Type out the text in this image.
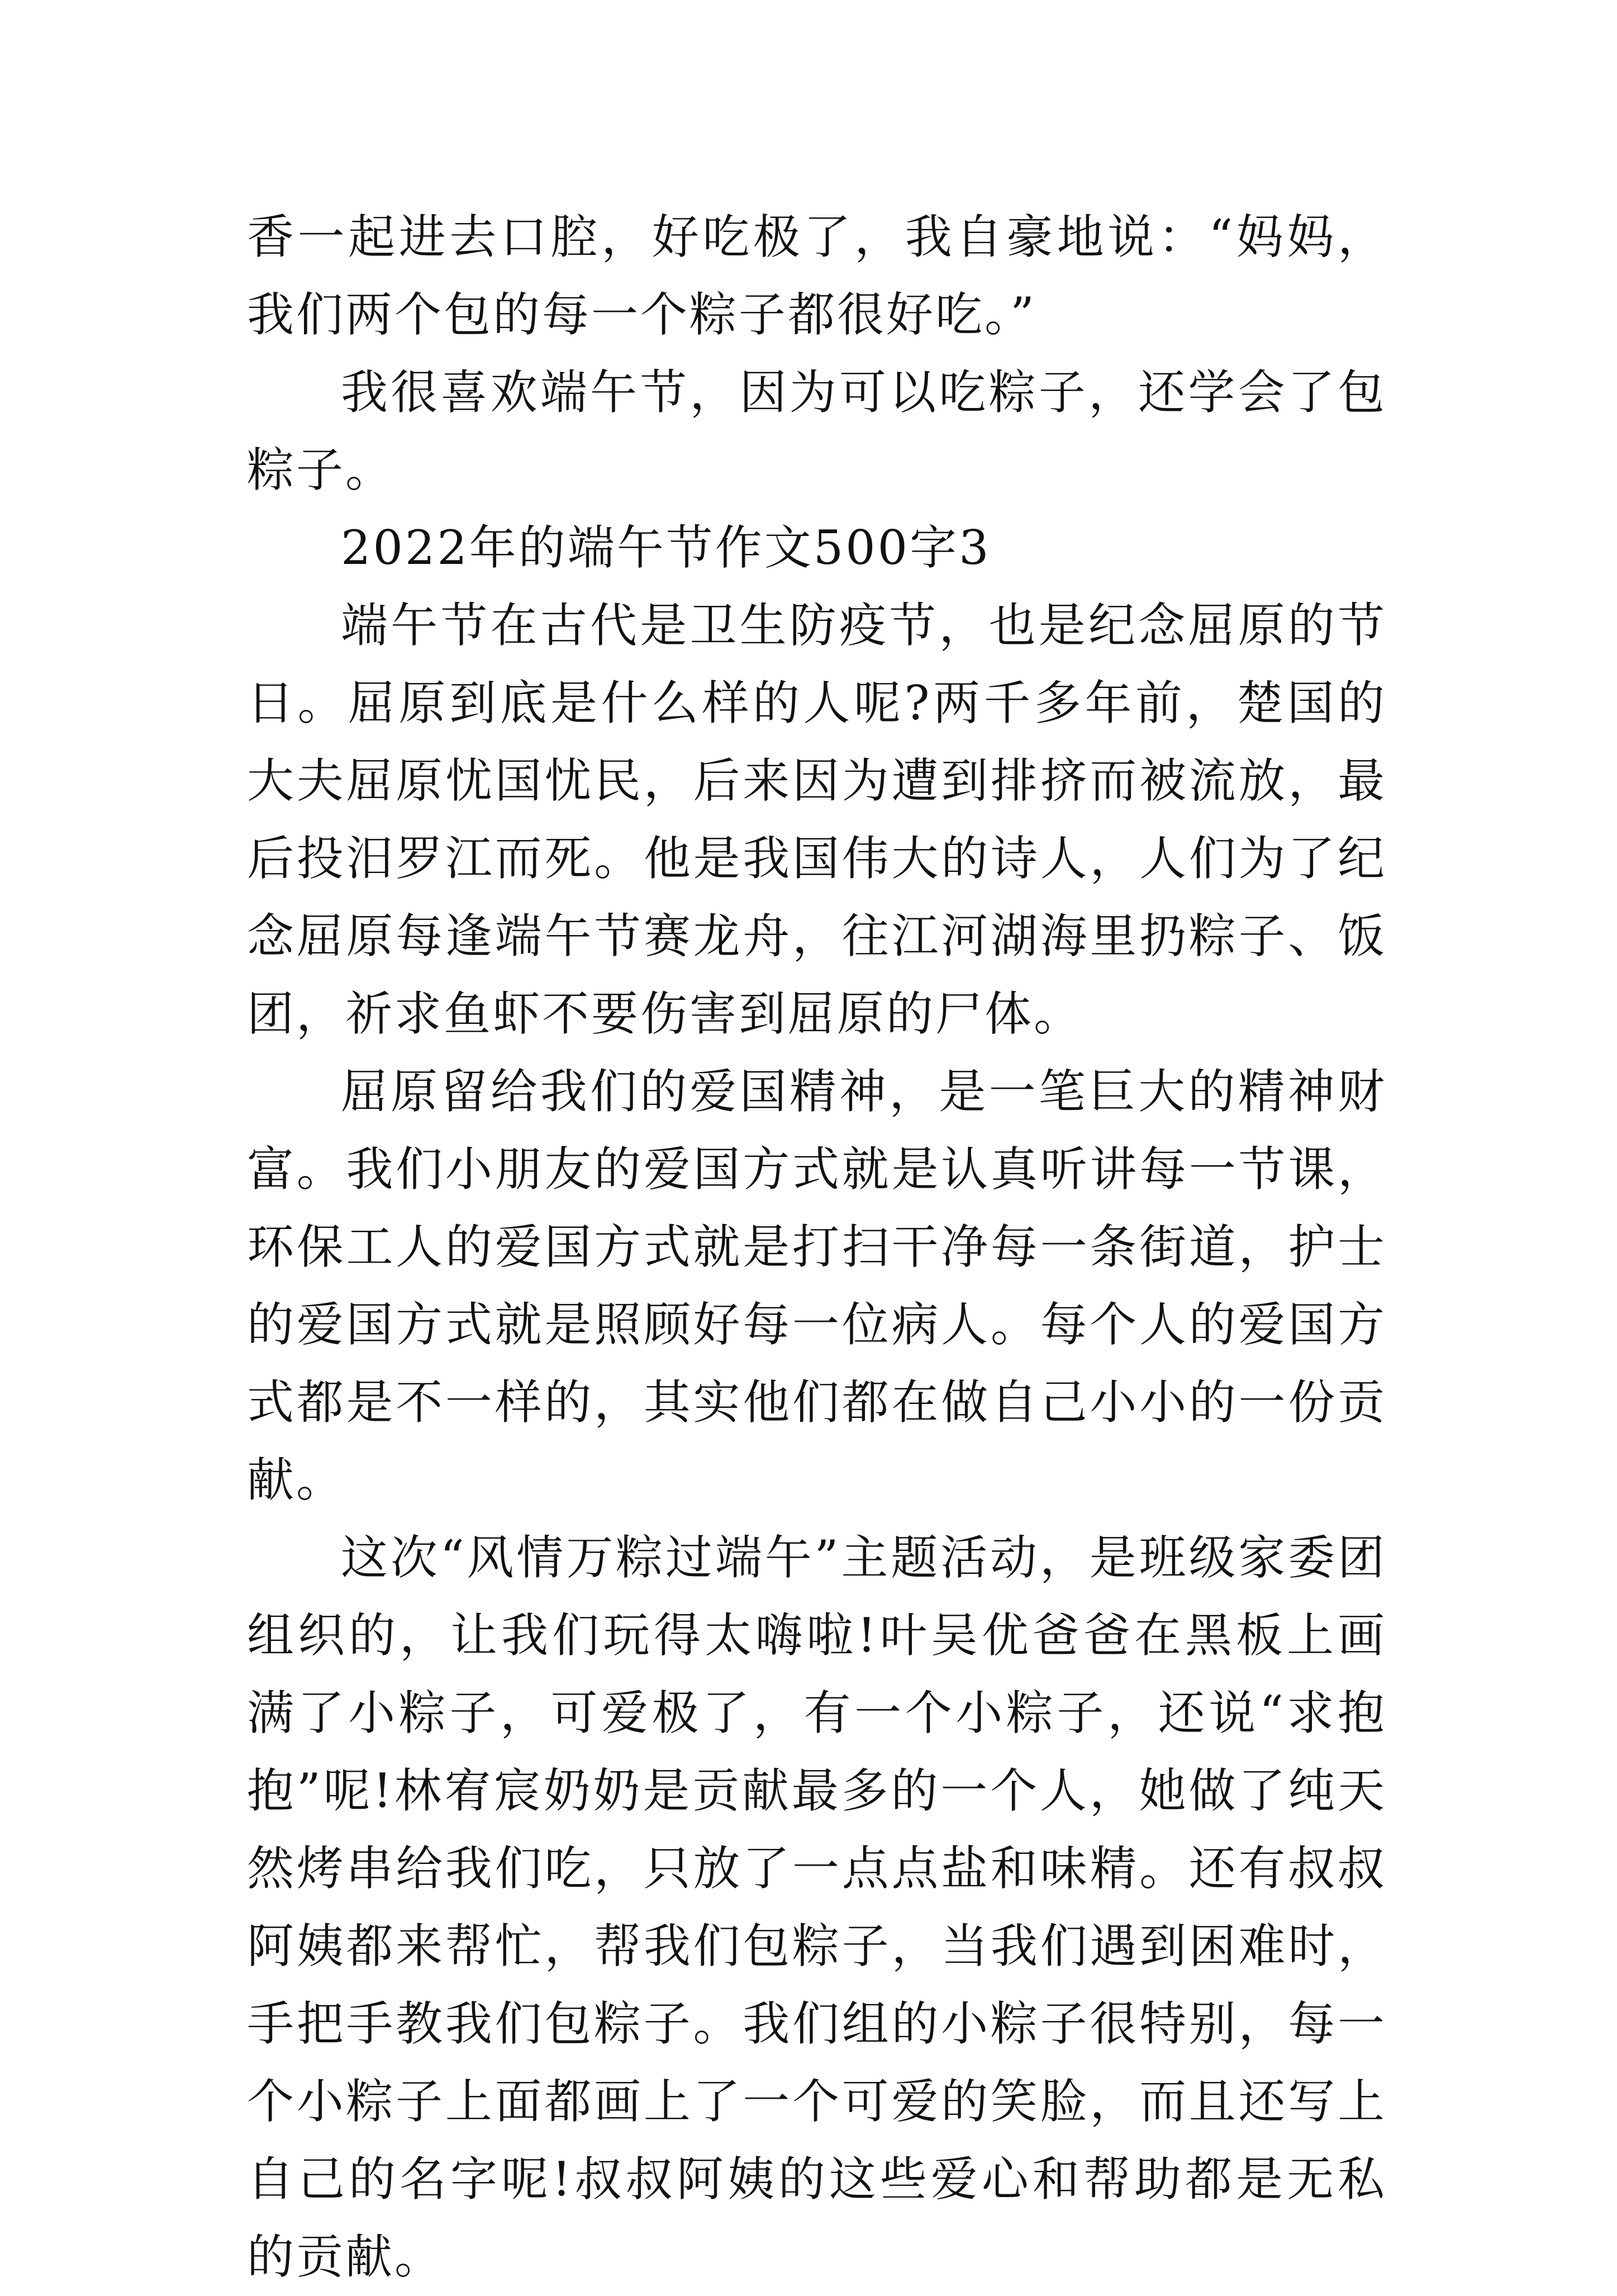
香一起进去口腔，好吃极了，我自豪地说：“妈妈，我们两个包的每一个粽子都很好吃。”

我很喜欢端午节，因为可以吃粽子，还学会了包粽子。

2022年的端午节作文500字3

端午节在古代是卫生防疫节，也是纪念屈原的节日。屈原到底是什么样的人呢?两千多年前，楚国的大夫屈原忧国忧民，后来因为遭到排挤而被流放，最后投汨罗江而死。他是我国伟大的诗人，人们为了纪念屈原每逢端午节赛龙舟，往江河湖海里扔粽子、饭团，祈求鱼虾不要伤害到屈原的尸体。

屈原留给我们的爱国精神，是一笔巨大的精神财富。我们小朋友的爱国方式就是认真听讲每一节课，环保工人的爱国方式就是打扫干净每一条街道，护士的爱国方式就是照顾好每一位病人。每个人的爱国方式都是不一样的，其实他们都在做自己小小的一份贡献。

这次“风情万粽过端午”主题活动，是班级家委团组织的，让我们玩得太嗨啦!叶吴优爸爸在黑板上画满了小粽子，可爱极了，有一个小粽子，还说“求抱抱”呢!林宥宸奶奶是贡献最多的一个人，她做了纯天然烤串给我们吃，只放了一点点盐和味精。还有叔叔阿姨都来帮忙，帮我们包粽子，当我们遇到困难时，手把手教我们包粽子。我们组的小粽子很特别，每一个小粽子上面都画上了一个可爱的笑脸，而且还写上自己的名字呢!叔叔阿姨的这些爱心和帮助都是无私的贡献。
